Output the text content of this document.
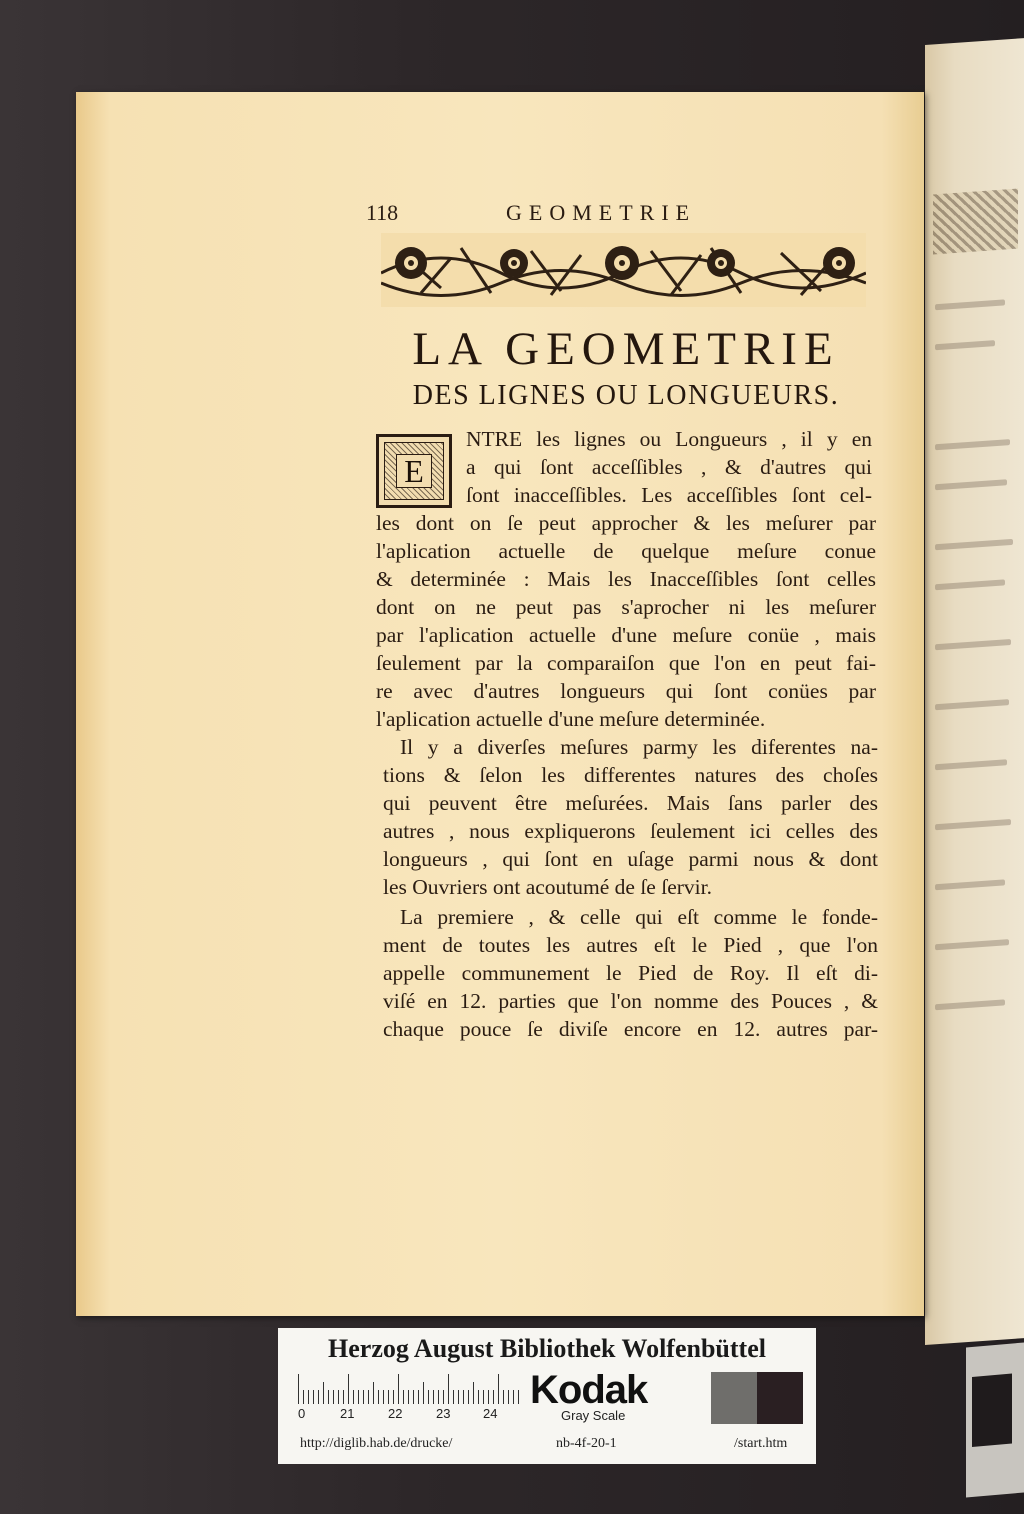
118	GEOMETRIE
LA GEOMETRIE
DES LIGNES OU LONGUEURS.
E
NTRE les lignes ou Longueurs , il y en
a qui ſont acceſſibles , & d'autres qui
ſont inacceſſibles. Les acceſſibles ſont cel-
les dont on ſe peut approcher & les meſurer par
l'aplication actuelle de quelque meſure conue
& determinée : Mais les Inacceſſibles ſont celles
dont on ne peut pas s'aprocher ni les meſurer
par l'aplication actuelle d'une meſure conüe , mais
ſeulement par la comparaiſon que l'on en peut fai-
re avec d'autres longueurs qui ſont conües par
l'aplication actuelle d'une meſure determinée.
Il y a diverſes meſures parmy les diferentes na-
tions & ſelon les differentes natures des choſes
qui peuvent être meſurées. Mais ſans parler des
autres , nous expliquerons ſeulement ici celles des
longueurs , qui ſont en uſage parmi nous & dont
les Ouvriers ont acoutumé de ſe ſervir.
La premiere , & celle qui eſt comme le fonde-
ment de toutes les autres eſt le Pied , que l'on
appelle communement le Pied de Roy. Il eſt di-
viſé en 12. parties que l'on nomme des Pouces , &
chaque pouce ſe diviſe encore en 12. autres par-
Herzog August Bibliothek Wolfenbüttel
0	21	22	23	24
Kodak
Gray Scale
http://diglib.hab.de/drucke/	nb-4f-20-1	/start.htm
